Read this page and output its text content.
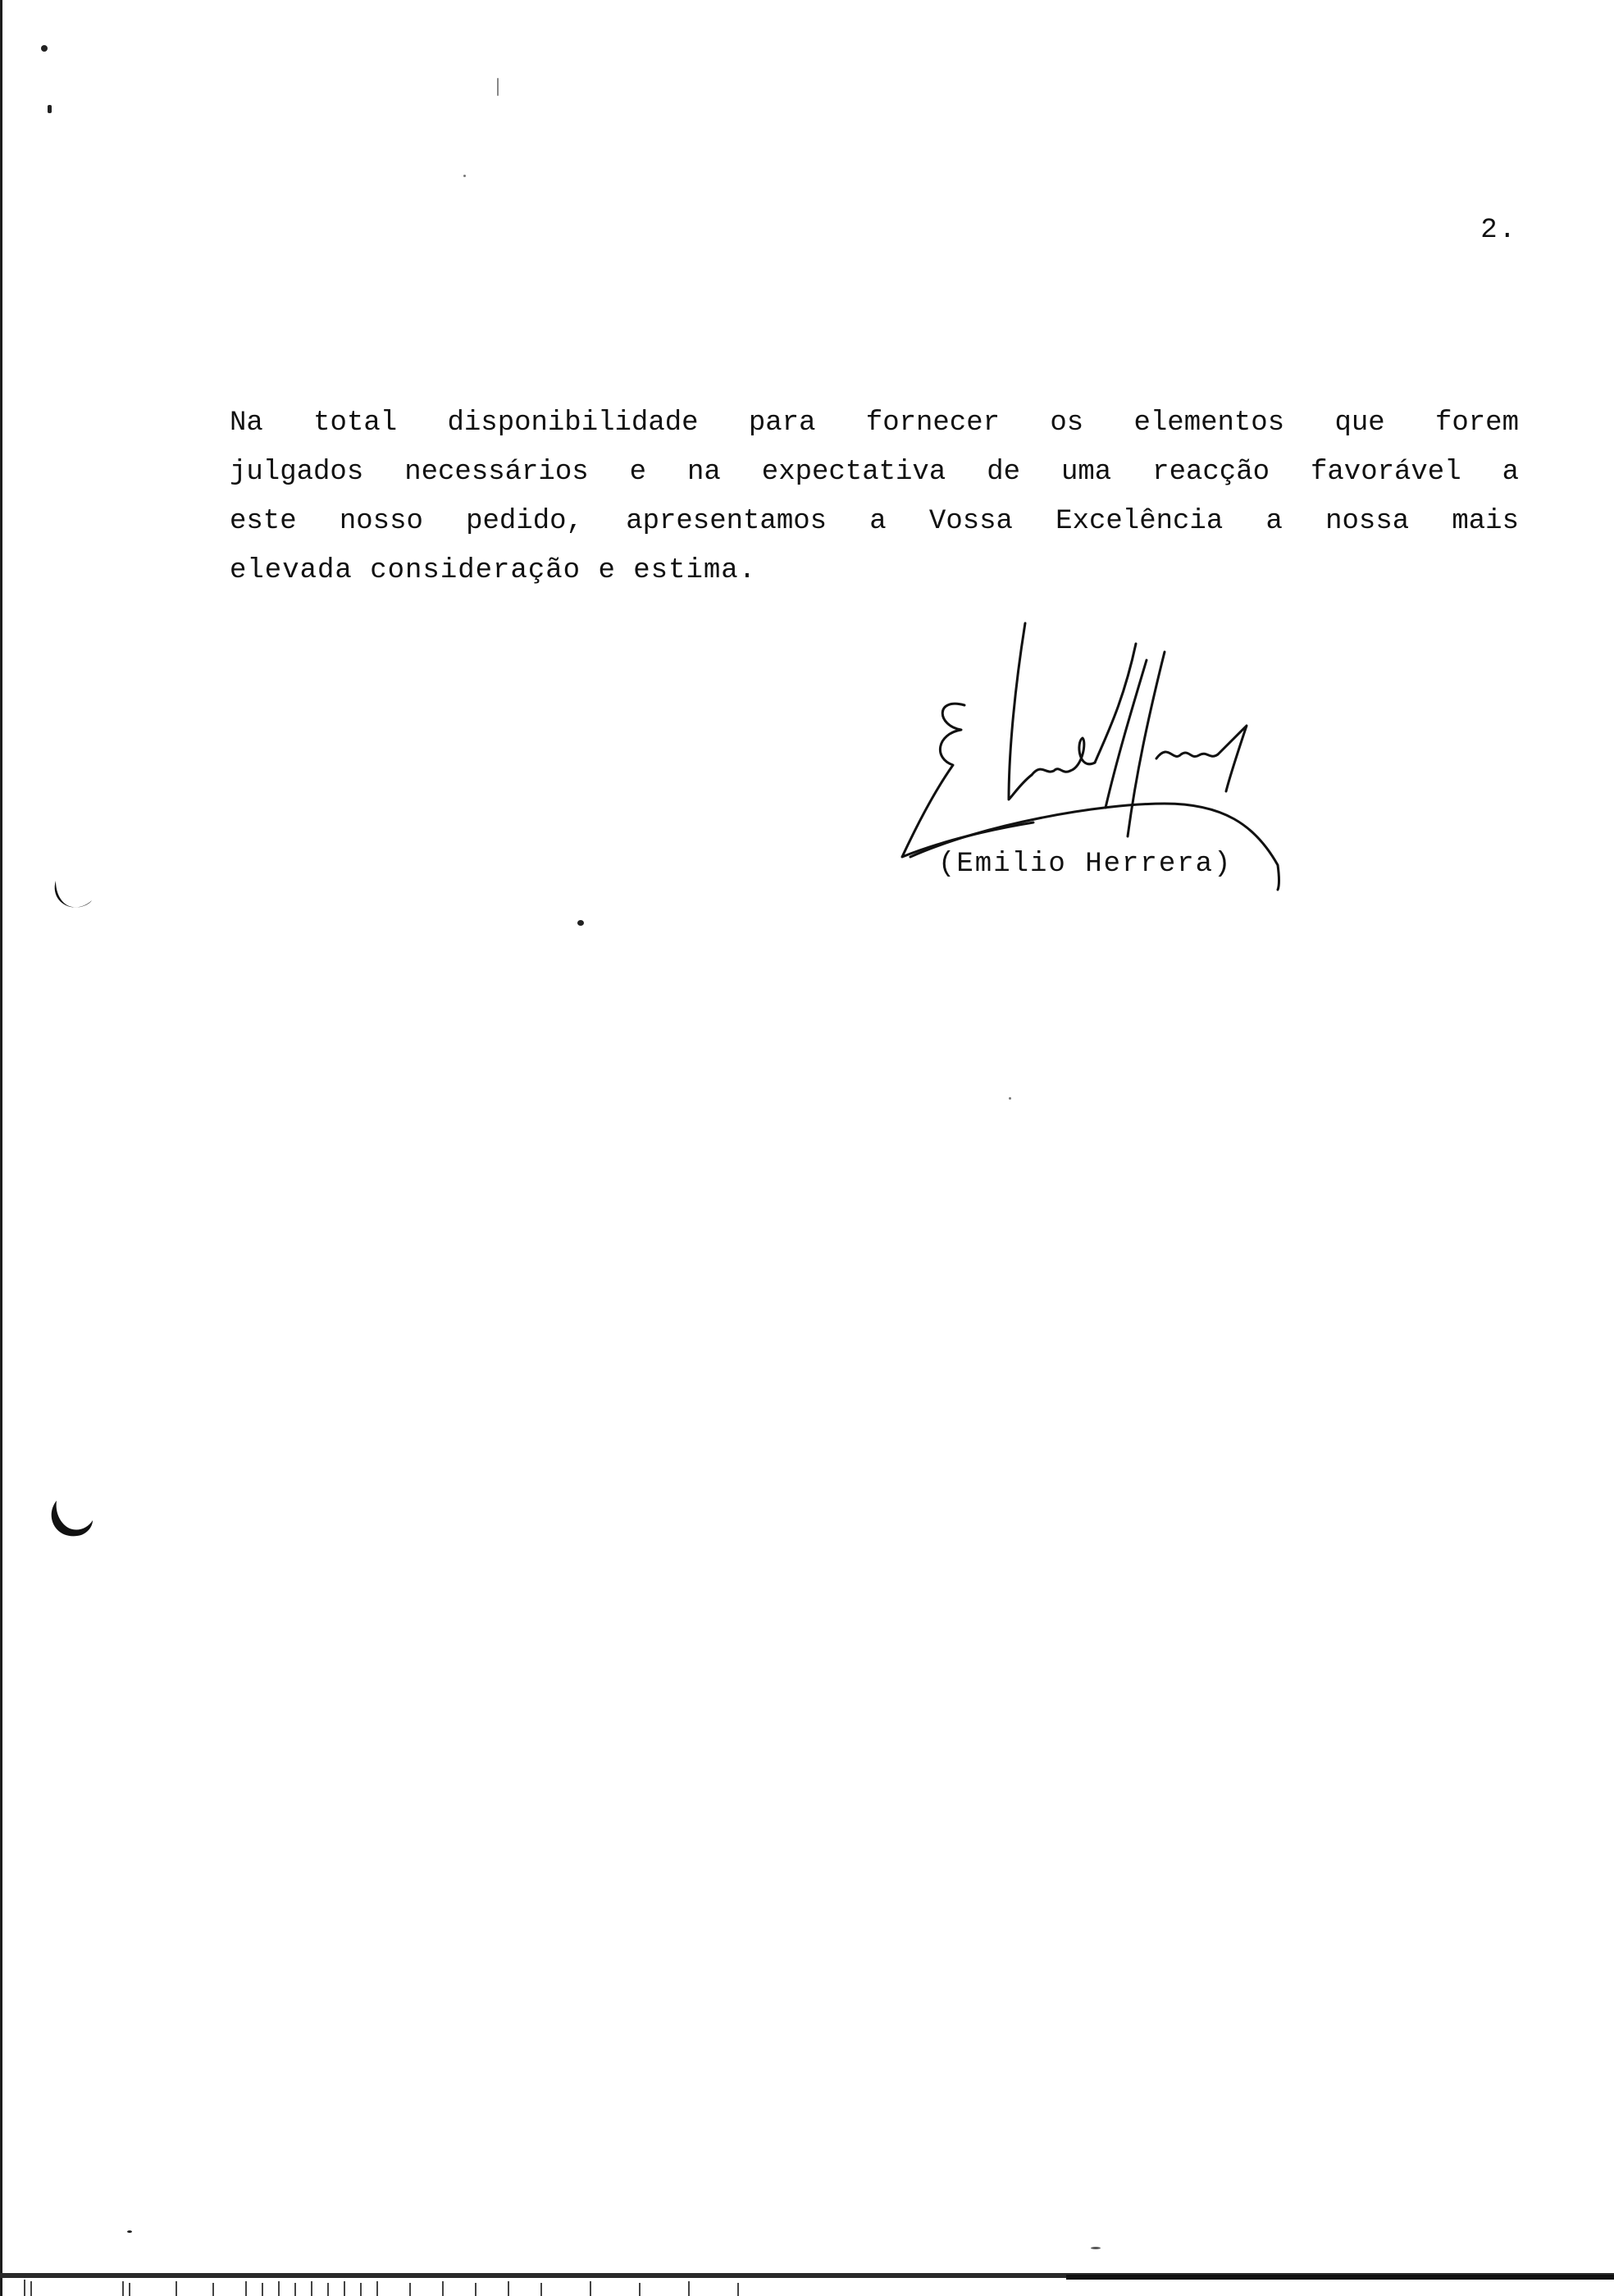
2.
Na total disponibilidade para fornecer os elementos que forem
julgados necessários e na expectativa de uma reacção favorável a
este nosso pedido, apresentamos a Vossa Excelência a nossa mais
elevada consideração e estima.
(Emilio Herrera)
